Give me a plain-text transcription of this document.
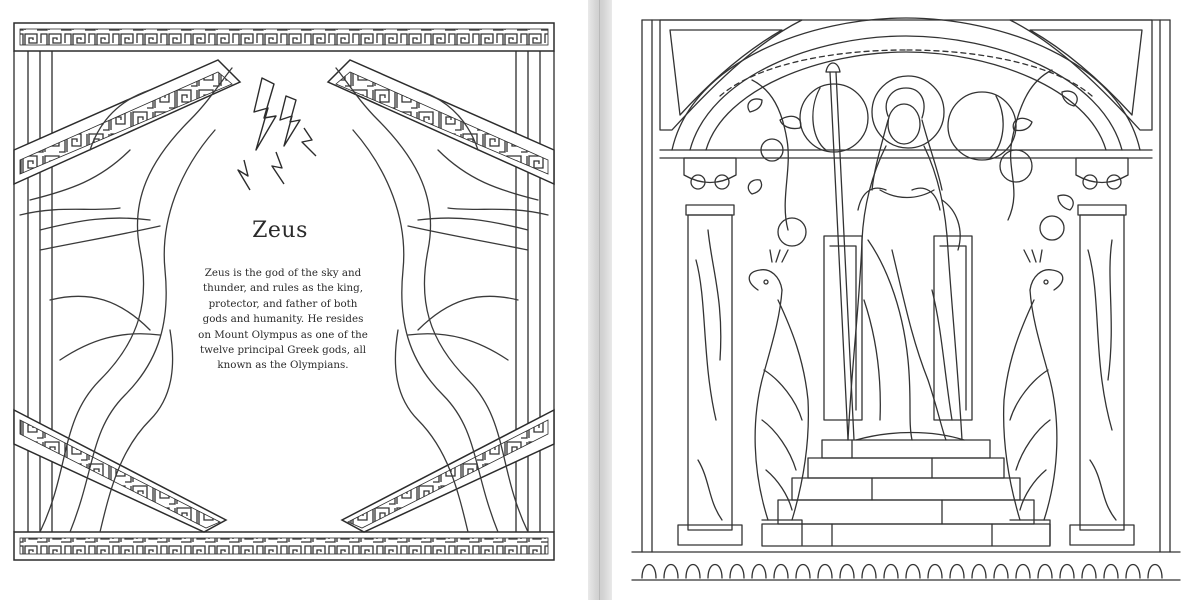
Zeus
Zeus is the god of the sky and
thunder, and rules as the king,
protector, and father of both
gods and humanity. He resides
on Mount Olympus as one of the
twelve principal Greek gods, all
known as the Olympians.
